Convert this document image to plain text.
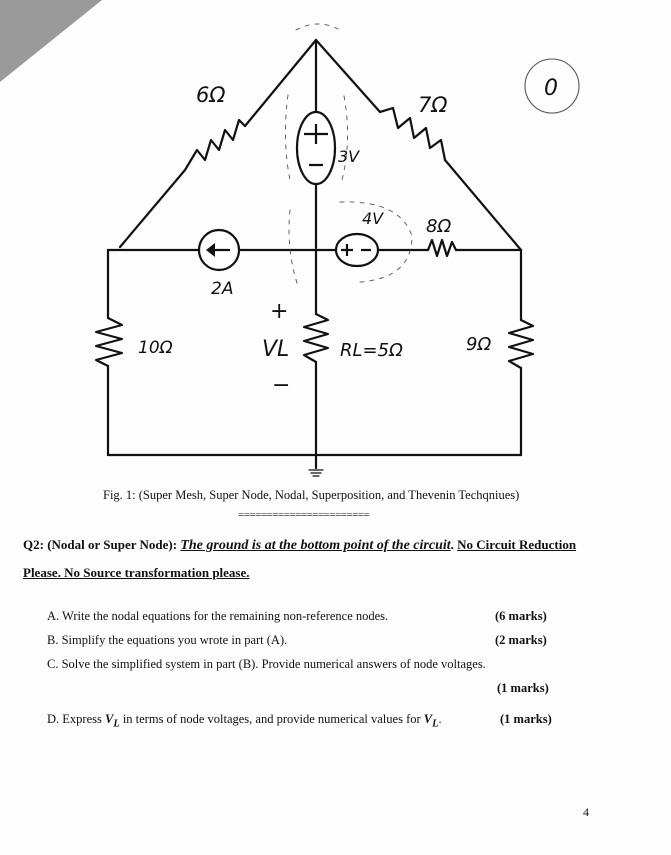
6Ω	7Ω
3V
4V 8Ω
2A
10Ω	RL=5Ω	9Ω
+
VL
−
0
Fig. 1: (Super Mesh, Super Node, Nodal, Superposition, and Thevenin Techqniues)
=======================
Q2: (Nodal or Super Node): The ground is at the bottom point of the circuit. No Circuit Reduction
Please. No Source transformation please.
A. Write the nodal equations for the remaining non-reference nodes.	(6 marks)
B. Simplify the equations you wrote in part (A).	(2 marks)
C. Solve the simplified system in part (B). Provide numerical answers of node voltages.
(1 marks)
D. Express $V_L$ in terms of node voltages, and provide numerical values for $V_L$.	(1 marks)
4
